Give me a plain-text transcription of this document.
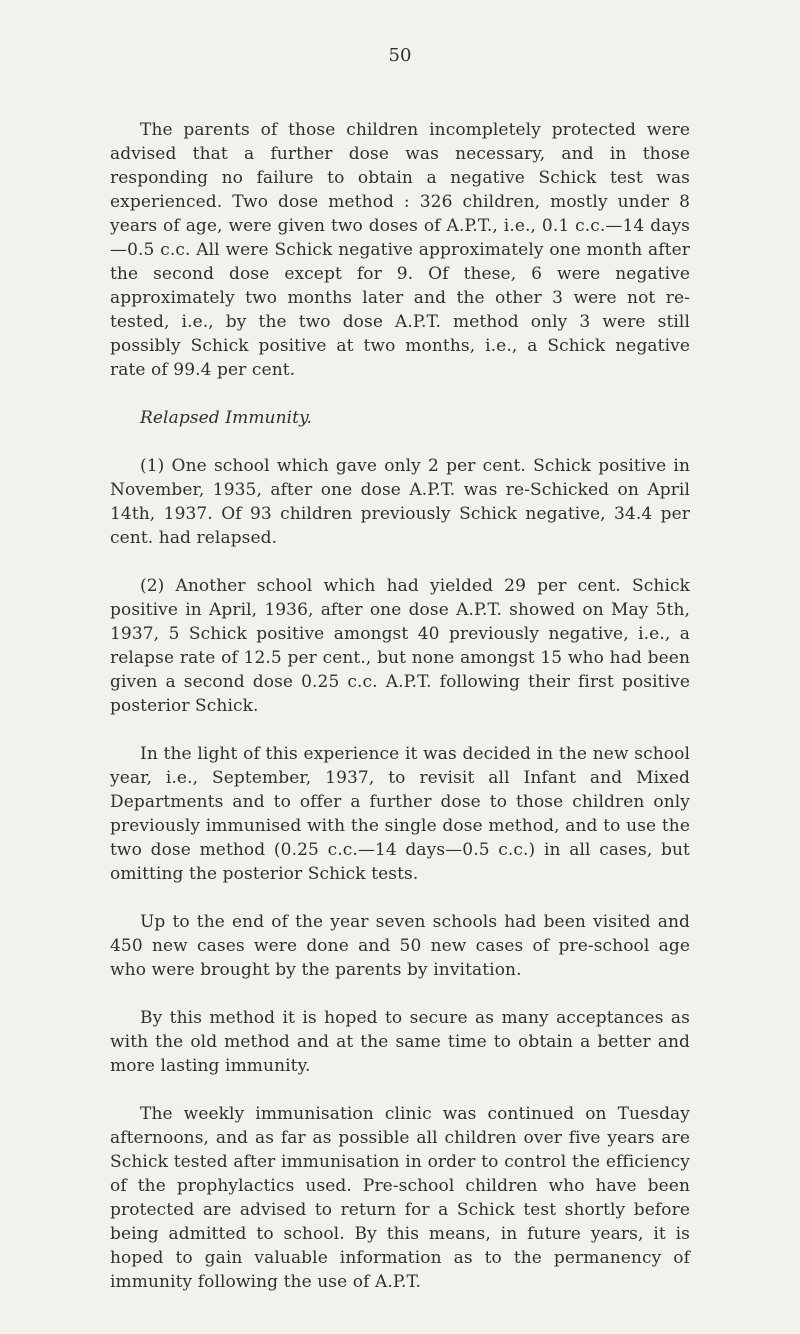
50

The parents of those children incompletely protected were advised that a further dose was necessary, and in those responding no failure to obtain a negative Schick test was experienced. Two dose method : 326 children, mostly under 8 years of age, were given two doses of A.P.T., i.e., 0.1 c.c.—14 days—0.5 c.c. All were Schick negative approximately one month after the second dose except for 9. Of these, 6 were negative approximately two months later and the other 3 were not re-tested, i.e., by the two dose A.P.T. method only 3 were still possibly Schick positive at two months, i.e., a Schick negative rate of 99.4 per cent.

Relapsed Immunity.

(1) One school which gave only 2 per cent. Schick positive in November, 1935, after one dose A.P.T. was re-Schicked on April 14th, 1937. Of 93 children previously Schick negative, 34.4 per cent. had relapsed.

(2) Another school which had yielded 29 per cent. Schick positive in April, 1936, after one dose A.P.T. showed on May 5th, 1937, 5 Schick positive amongst 40 previously negative, i.e., a relapse rate of 12.5 per cent., but none amongst 15 who had been given a second dose 0.25 c.c. A.P.T. following their first positive posterior Schick.

In the light of this experience it was decided in the new school year, i.e., September, 1937, to revisit all Infant and Mixed Departments and to offer a further dose to those children only previously immunised with the single dose method, and to use the two dose method (0.25 c.c.—14 days—0.5 c.c.) in all cases, but omitting the posterior Schick tests.

Up to the end of the year seven schools had been visited and 450 new cases were done and 50 new cases of pre-school age who were brought by the parents by invitation.

By this method it is hoped to secure as many acceptances as with the old method and at the same time to obtain a better and more lasting immunity.

The weekly immunisation clinic was continued on Tuesday afternoons, and as far as possible all children over five years are Schick tested after immunisation in order to control the efficiency of the prophylactics used. Pre-school children who have been protected are advised to return for a Schick test shortly before being admitted to school. By this means, in future years, it is hoped to gain valuable information as to the permanency of immunity following the use of A.P.T.
